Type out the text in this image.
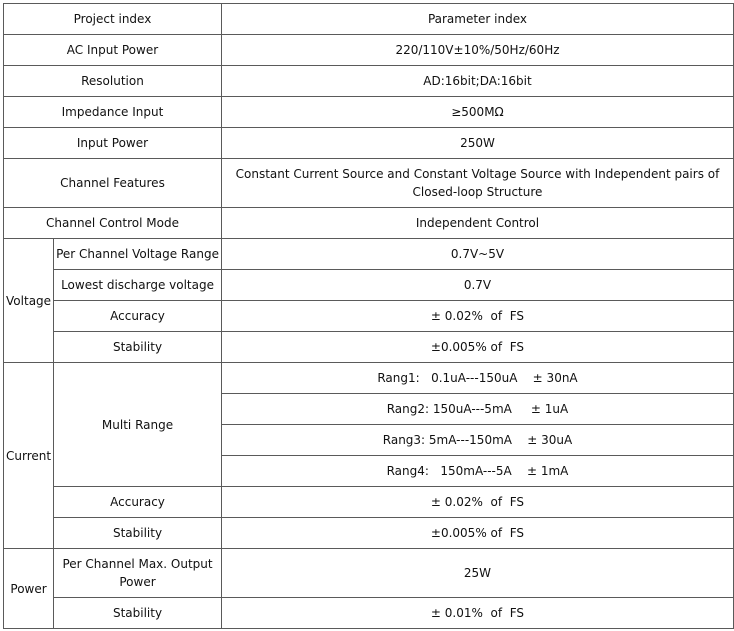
Project index		Parameter index
AC Input Power		220/110V±10%/50Hz/60Hz
Resolution		AD:16bit;DA:16bit
Impedance Input		≥500MΩ
Input Power		250W
Channel Features		Constant Current Source and Constant Voltage Source with Independent pairs of Closed-loop Structure
Channel Control Mode		Independent Control
Voltage	Per Channel Voltage Range	0.7V~5V
	Lowest discharge voltage	0.7V
	Accuracy	± 0.02%  of  FS
	Stability	±0.005% of  FS
Current	Multi Range	Rang1:   0.1uA---150uA    ± 30nA
		Rang2: 150uA---5mA     ± 1uA
		Rang3: 5mA---150mA    ± 30uA
		Rang4:   150mA---5A    ± 1mA
	Accuracy	± 0.02%  of  FS
	Stability	±0.005% of  FS
Power	Per Channel Max. Output Power	25W
	Stability	± 0.01%  of  FS
